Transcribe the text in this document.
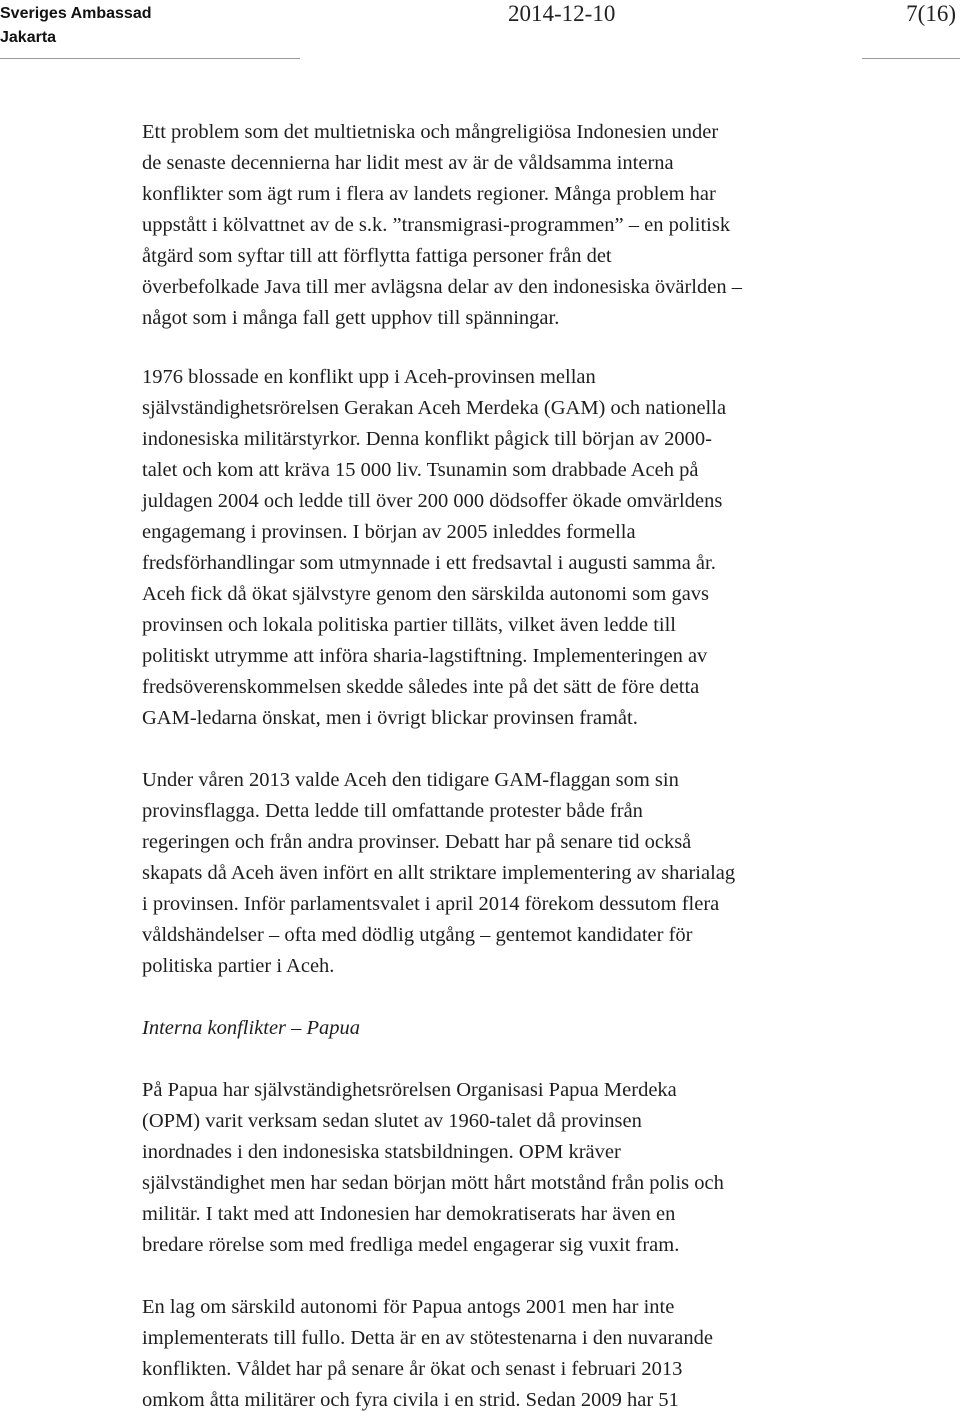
Sveriges Ambassad
Jakarta
2014-12-10	7(16)

Ett problem som det multietniska och mångreligiösa Indonesien under
de senaste decennierna har lidit mest av är de våldsamma interna
konflikter som ägt rum i flera av landets regioner. Många problem har
uppstått i kölvattnet av de s.k. ”transmigrasi-programmen” – en politisk
åtgärd som syftar till att förflytta fattiga personer från det
överbefolkade Java till mer avlägsna delar av den indonesiska övärlden –
något som i många fall gett upphov till spänningar.

1976 blossade en konflikt upp i Aceh-provinsen mellan
självständighetsrörelsen Gerakan Aceh Merdeka (GAM) och nationella
indonesiska militärstyrkor. Denna konflikt pågick till början av 2000-
talet och kom att kräva 15 000 liv. Tsunamin som drabbade Aceh på
juldagen 2004 och ledde till över 200 000 dödsoffer ökade omvärldens
engagemang i provinsen. I början av 2005 inleddes formella
fredsförhandlingar som utmynnade i ett fredsavtal i augusti samma år.
Aceh fick då ökat självstyre genom den särskilda autonomi som gavs
provinsen och lokala politiska partier tilläts, vilket även ledde till
politiskt utrymme att införa sharia-lagstiftning. Implementeringen av
fredsöverenskommelsen skedde således inte på det sätt de före detta
GAM-ledarna önskat, men i övrigt blickar provinsen framåt.

Under våren 2013 valde Aceh den tidigare GAM-flaggan som sin
provinsflagga. Detta ledde till omfattande protester både från
regeringen och från andra provinser. Debatt har på senare tid också
skapats då Aceh även infört en allt striktare implementering av sharialag
i provinsen. Inför parlamentsvalet i april 2014 förekom dessutom flera
våldshändelser – ofta med dödlig utgång – gentemot kandidater för
politiska partier i Aceh.

Interna konflikter – Papua

På Papua har självständighetsrörelsen Organisasi Papua Merdeka
(OPM) varit verksam sedan slutet av 1960-talet då provinsen
inordnades i den indonesiska statsbildningen. OPM kräver
självständighet men har sedan början mött hårt motstånd från polis och
militär. I takt med att Indonesien har demokratiserats har även en
bredare rörelse som med fredliga medel engagerar sig vuxit fram.

En lag om särskild autonomi för Papua antogs 2001 men har inte
implementerats till fullo. Detta är en av stötestenarna i den nuvarande
konflikten. Våldet har på senare år ökat och senast i februari 2013
omkom åtta militärer och fyra civila i en strid. Sedan 2009 har 51
